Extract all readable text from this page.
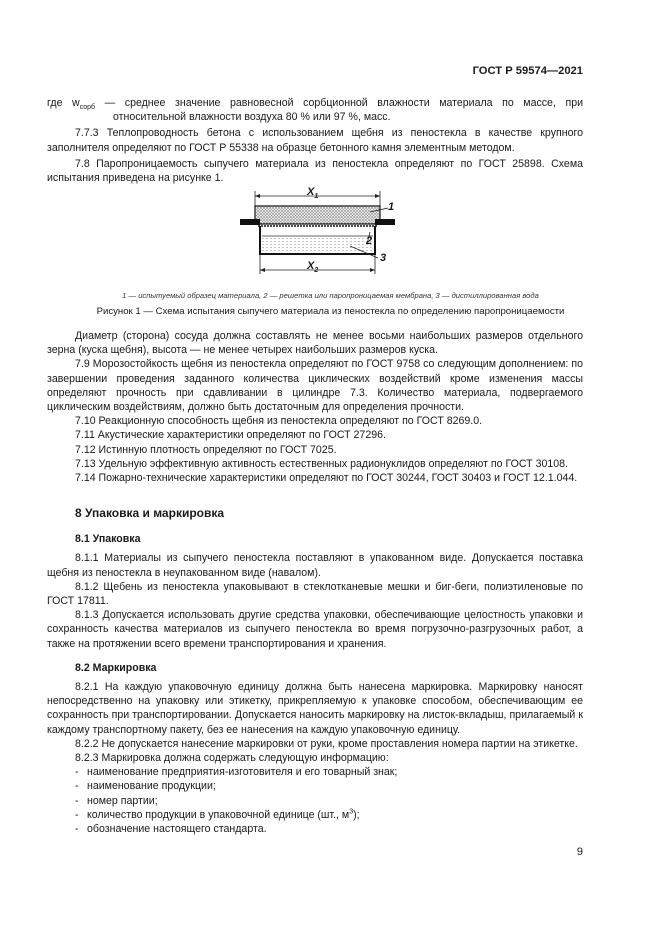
ГОСТ Р 59574—2021

где $w_{сорб}$ — среднее значение равновесной сорбционной влажности материала по массе, при относительной влажности воздуха 80 % или 97 %, масс.

7.7.3 Теплопроводность бетона с использованием щебня из пеностекла в качестве крупного заполнителя определяют по ГОСТ Р 55338 на образце бетонного камня элементным методом.

7.8 Паропроницаемость сыпучего материала из пеностекла определяют по ГОСТ 25898. Схема испытания приведена на рисунке 1.

$X_1$
$X_2$
1
2
3
1 — испытуемый образец материала, 2 — решетка или паропроницаемая мембрана, 3 — дистиллированная вода
Рисунок 1 — Схема испытания сыпучего материала из пеностекла по определению паропроницаемости

Диаметр (сторона) сосуда должна составлять не менее восьми наибольших размеров отдельного зерна (куска щебня), высота — не менее четырех наибольших размеров куска.

7.9 Морозостойкость щебня из пеностекла определяют по ГОСТ 9758 со следующим дополнением: по завершении проведения заданного количества циклических воздействий кроме изменения массы определяют прочность при сдавливании в цилиндре 7.3. Количество материала, подвергаемого циклическим воздействиям, должно быть достаточным для определения прочности.

7.10 Реакционную способность щебня из пеностекла определяют по ГОСТ 8269.0.

7.11 Акустические характеристики определяют по ГОСТ 27296.

7.12 Истинную плотность определяют по ГОСТ 7025.

7.13 Удельную эффективную активность естественных радионуклидов определяют по ГОСТ 30108.

7.14 Пожарно-технические характеристики определяют по ГОСТ 30244, ГОСТ 30403 и ГОСТ 12.1.044.

8 Упаковка и маркировка

8.1 Упаковка

8.1.1 Материалы из сыпучего пеностекла поставляют в упакованном виде. Допускается поставка щебня из пеностекла в неупакованном виде (навалом).

8.1.2 Щебень из пеностекла упаковывают в стеклотканевые мешки и биг-беги, полиэтиленовые по ГОСТ 17811.

8.1.3 Допускается использовать другие средства упаковки, обеспечивающие целостность упаковки и сохранность качества материалов из сыпучего пеностекла во время погрузочно-разгрузочных работ, а также на протяжении всего времени транспортирования и хранения.

8.2 Маркировка

8.2.1 На каждую упаковочную единицу должна быть нанесена маркировка. Маркировку наносят непосредственно на упаковку или этикетку, прикрепляемую к упаковке способом, обеспечивающим ее сохранность при транспортировании. Допускается наносить маркировку на листок-вкладыш, прилагаемый к каждому транспортному пакету, без ее нанесения на каждую упаковочную единицу.

8.2.2 Не допускается нанесение маркировки от руки, кроме проставления номера партии на этикетке.

8.2.3 Маркировка должна содержать следующую информацию:

- наименование предприятия-изготовителя и его товарный знак;

- наименование продукции;

- номер партии;

- количество продукции в упаковочной единице (шт., $м^3$);

- обозначение настоящего стандарта.

9
